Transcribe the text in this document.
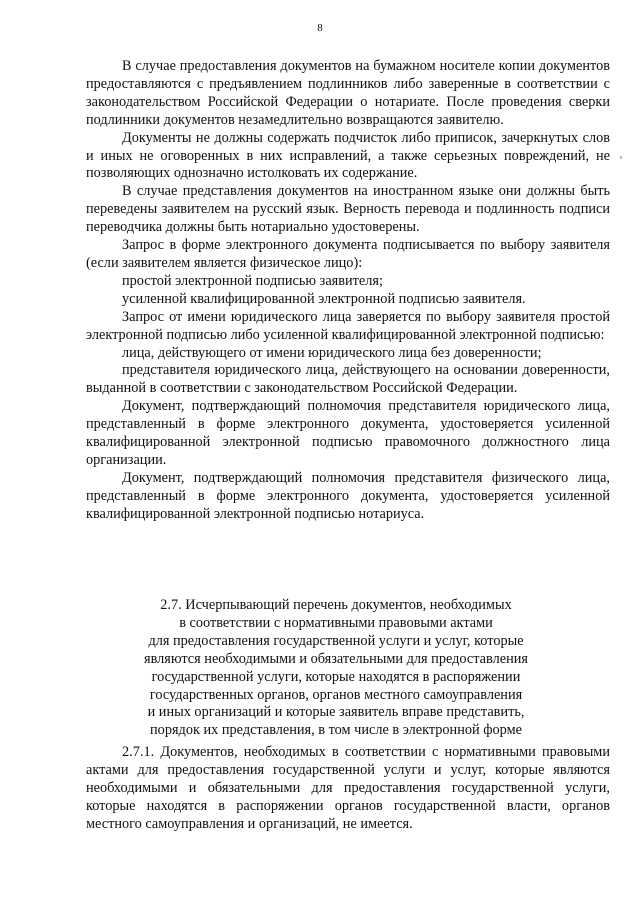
8

В случае предоставления документов на бумажном носителе копии документов предоставляются с предъявлением подлинников либо заверенные в соответствии с законодательством Российской Федерации о нотариате. После проведения сверки подлинники документов незамедлительно возвращаются заявителю.

Документы не должны содержать подчисток либо приписок, зачеркнутых слов и иных не оговоренных в них исправлений, а также серьезных повреждений, не позволяющих однозначно истолковать их содержание.

В случае представления документов на иностранном языке они должны быть переведены заявителем на русский язык. Верность перевода и подлинность подписи переводчика должны быть нотариально удостоверены.

Запрос в форме электронного документа подписывается по выбору заявителя (если заявителем является физическое лицо):

простой электронной подписью заявителя;

усиленной квалифицированной электронной подписью заявителя.

Запрос от имени юридического лица заверяется по выбору заявителя простой электронной подписью либо усиленной квалифицированной электронной подписью:

лица, действующего от имени юридического лица без доверенности;

представителя юридического лица, действующего на основании доверенности, выданной в соответствии с законодательством Российской Федерации.

Документ, подтверждающий полномочия представителя юридического лица, представленный в форме электронного документа, удостоверяется усиленной квалифицированной электронной подписью правомочного должностного лица организации.

Документ, подтверждающий полномочия представителя физического лица, представленный в форме электронного документа, удостоверяется усиленной квалифицированной электронной подписью нотариуса.

2.7. Исчерпывающий перечень документов, необходимых

в соответствии с нормативными правовыми актами

для предоставления государственной услуги и услуг, которые

являются необходимыми и обязательными для предоставления

государственной услуги, которые находятся в распоряжении

государственных органов, органов местного самоуправления

и иных организаций и которые заявитель вправе представить,

порядок их представления, в том числе в электронной форме

2.7.1. Документов, необходимых в соответствии с нормативными правовыми актами для предоставления государственной услуги и услуг, которые являются необходимыми и обязательными для предоставления государственной услуги, которые находятся в распоряжении органов государственной власти, органов местного самоуправления и организаций, не имеется.
